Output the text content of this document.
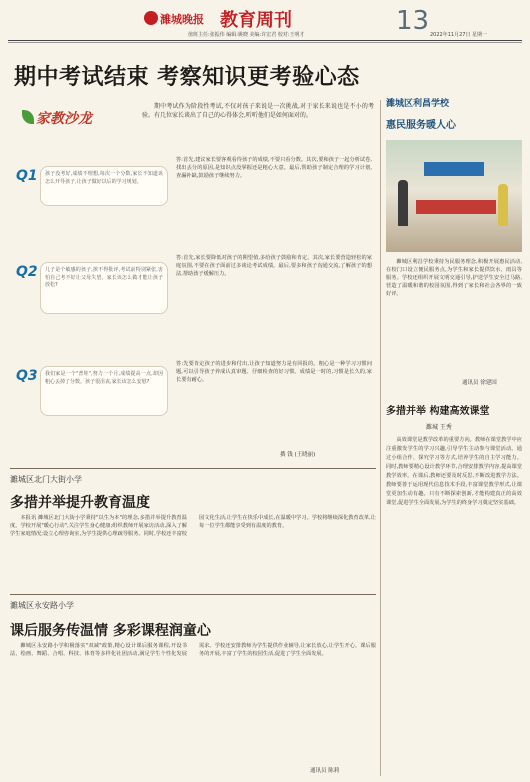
濉城晚报 教育周刊	13
值班主任:张振伟 编辑:姚晓 美编:许宏君 校对:王明才	2022年11月27日 星期一
期中考试结束 考察知识更考验心态
家教沙龙
期中考试作为阶段性考试,不仅对孩子来说是一次挑战,对于家长来说也是不小的考验。有几位家长谈出了自己的心得体会,听听他们是如何面对的。
Q1	孩子没考好,成绩不理想,每次一个分数,家长不知道该怎么开导孩子,让孩子做好以后的学习规划。
答:首先,建议家长要客观看待孩子的成绩,不要只看分数。其次,要和孩子一起分析试卷,找出丢分的原因,是知识点没掌握还是粗心大意。最后,帮助孩子制定合理的学习计划,查漏补缺,鼓励孩子继续努力。
Q2	儿子是个敏感的孩子,挨不得批评,考试前特别紧张,害怕自己考不好让父母失望。家长该怎么做才能让孩子放松?
答:首先,家长要降低对孩子的期望值,多给孩子鼓励和肯定。其次,家长要营造轻松的家庭氛围,不要在孩子面前过多谈论考试成绩。最后,要多和孩子沟通交流,了解孩子的想法,帮助孩子缓解压力。
Q3	我们家是一个"普娃",努力一个月,成绩提高一点,却因粗心丢掉了分数。孩子很沮丧,家长该怎么安慰?
答:先要肯定孩子的进步和付出,让孩子知道努力是有回报的。粗心是一种学习习惯问题,可以引导孩子养成认真审题、仔细检查的好习惯。成绩是一时的,习惯是长久的,家长要有耐心。
撰 钱 (王晓丽)
濉城区利昌学校
惠民服务暖人心
濉城区利昌学校秉持为民服务理念,积极开展惠民活动,在校门口设立便民服务点,为学生和家长提供饮水、雨具等服务。学校还组织开展文明交通引导,护送学生安全过马路,营造了温暖和谐的校园氛围,得到了家长和社会各界的一致好评。
通讯员 徐建国
濉城区北门大街小学
多措并举提升教育温度
本报讯 濉城区北门大街小学秉持"以生为本"的理念,多措并举提升教育温度。学校开展"暖心行动",关注学生身心健康;组织教师开展家访活动,深入了解学生家庭情况;设立心理咨询室,为学生提供心理疏导服务。同时,学校还丰富校园文化生活,让学生在快乐中成长,在温暖中学习。学校将继续深化教育改革,让每一位学生都能享受到有温度的教育。
濉城区永安路小学
课后服务传温情 多彩课程润童心
濉城区永安路小学积极落实"双减"政策,精心设计课后服务课程,开设书法、绘画、舞蹈、合唱、科技、体育等多样化社团活动,满足学生个性化发展需求。学校还安排教师为学生提供作业辅导,让家长放心,让学生开心。课后服务的开展,丰富了学生的校园生活,促进了学生全面发展。
通讯员 陈莉
多措并举 构建高效课堂
濉城 王秀
高效课堂是教学改革的重要方向。教师在课堂教学中应注重激发学生的学习兴趣,引导学生主动参与课堂活动。通过小组合作、探究学习等方式,培养学生的自主学习能力。同时,教师要精心设计教学环节,合理安排教学内容,提高课堂教学效率。在课后,教师还要及时反思,不断改进教学方法。教师要善于运用现代信息技术手段,丰富课堂教学形式,让课堂更加生动有趣。只有不断探索创新,才能构建真正的高效课堂,促进学生全面发展,为学生的终身学习奠定坚实基础。
